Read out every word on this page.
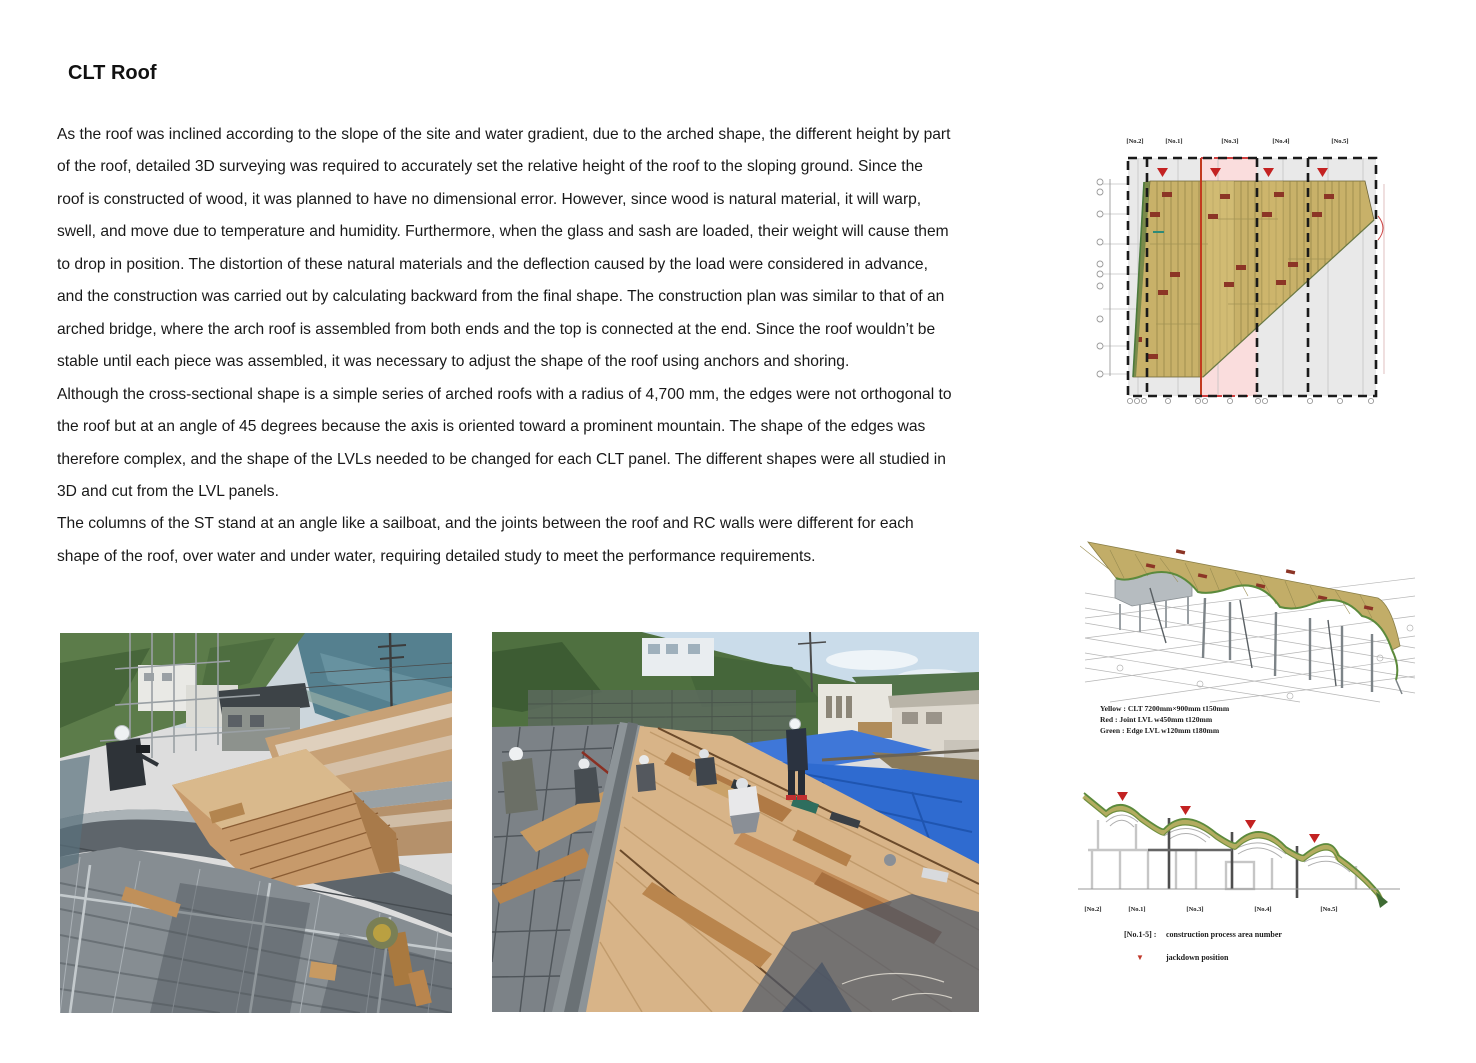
CLT Roof

As the roof was inclined according to the slope of the site and water gradient, due to the arched shape, the different height by part of the roof, detailed 3D surveying was required to accurately set the relative height of the roof to the sloping ground. Since the roof is constructed of wood, it was planned to have no dimensional error. However, since wood is natural material, it will warp, swell, and move due to temperature and humidity. Furthermore, when the glass and sash are loaded, their weight will cause them to drop in position. The distortion of these natural materials and the deflection caused by the load were considered in advance, and the construction was carried out by calculating backward from the final shape. The construction plan was similar to that of an arched bridge, where the arch roof is assembled from both ends and the top is connected at the end. Since the roof wouldn’t be stable until each piece was assembled, it was necessary to adjust the shape of the roof using anchors and shoring.

Although the cross-sectional shape is a simple series of arched roofs with a radius of 4,700 mm, the edges were not orthogonal to the roof but at an angle of 45 degrees because the axis is oriented toward a prominent mountain. The shape of the edges was therefore complex, and the shape of the LVLs needed to be changed for each CLT panel. The different shapes were all studied in 3D and cut from the LVL panels.

The columns of the ST stand at an angle like a sailboat, and the joints between the roof and RC walls were different for each shape of the roof, over water and under water, requiring detailed study to meet the performance requirements.

[No.2]	[No.1]	[No.3]	[No.4]	[No.5]
Yellow : CLT 7200mm×900mm t150mm
Red : Joint LVL w450mm t120mm
Green : Edge LVL w120mm t180mm
[No.2]	[No.1]	[No.3]	[No.4]	[No.5]
[No.1-5] :	construction process area number
▼	jackdown position
